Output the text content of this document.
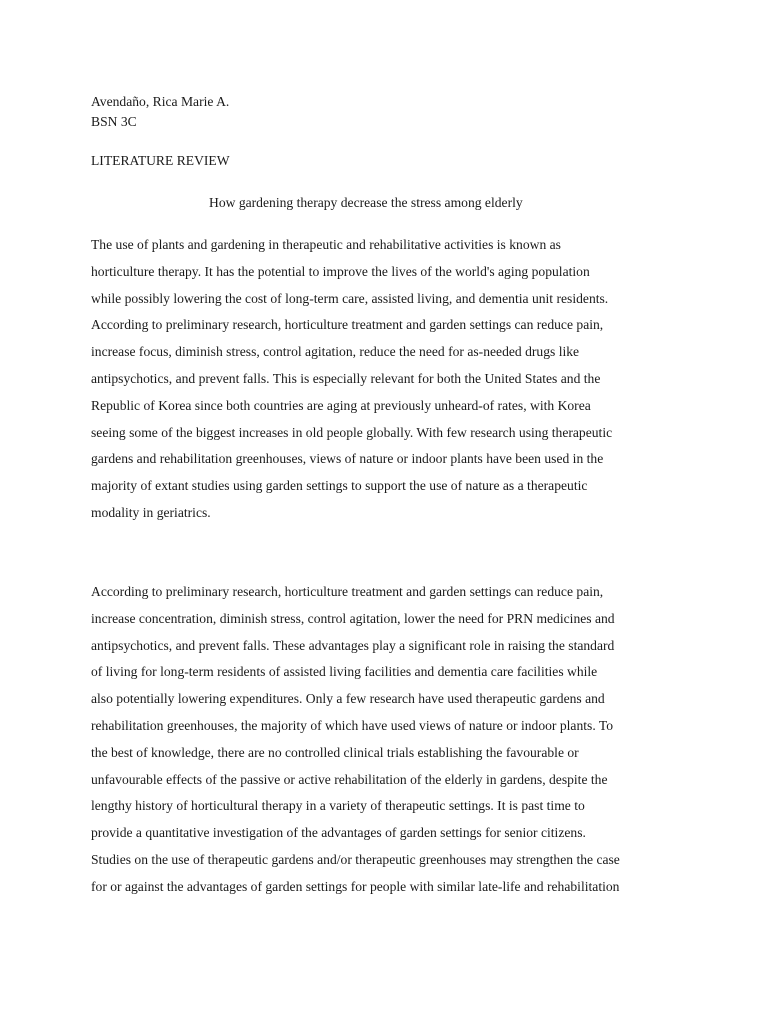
Avendaño, Rica Marie A.
BSN 3C
LITERATURE REVIEW
How gardening therapy decrease the stress among elderly

The use of plants and gardening in therapeutic and rehabilitative activities is known as
horticulture therapy. It has the potential to improve the lives of the world's aging population
while possibly lowering the cost of long-term care, assisted living, and dementia unit residents.
According to preliminary research, horticulture treatment and garden settings can reduce pain,
increase focus, diminish stress, control agitation, reduce the need for as-needed drugs like
antipsychotics, and prevent falls. This is especially relevant for both the United States and the
Republic of Korea since both countries are aging at previously unheard-of rates, with Korea
seeing some of the biggest increases in old people globally. With few research using therapeutic
gardens and rehabilitation greenhouses, views of nature or indoor plants have been used in the
majority of extant studies using garden settings to support the use of nature as a therapeutic
modality in geriatrics.

According to preliminary research, horticulture treatment and garden settings can reduce pain,
increase concentration, diminish stress, control agitation, lower the need for PRN medicines and
antipsychotics, and prevent falls. These advantages play a significant role in raising the standard
of living for long-term residents of assisted living facilities and dementia care facilities while
also potentially lowering expenditures. Only a few research have used therapeutic gardens and
rehabilitation greenhouses, the majority of which have used views of nature or indoor plants. To
the best of knowledge, there are no controlled clinical trials establishing the favourable or
unfavourable effects of the passive or active rehabilitation of the elderly in gardens, despite the
lengthy history of horticultural therapy in a variety of therapeutic settings. It is past time to
provide a quantitative investigation of the advantages of garden settings for senior citizens.
Studies on the use of therapeutic gardens and/or therapeutic greenhouses may strengthen the case
for or against the advantages of garden settings for people with similar late-life and rehabilitation
